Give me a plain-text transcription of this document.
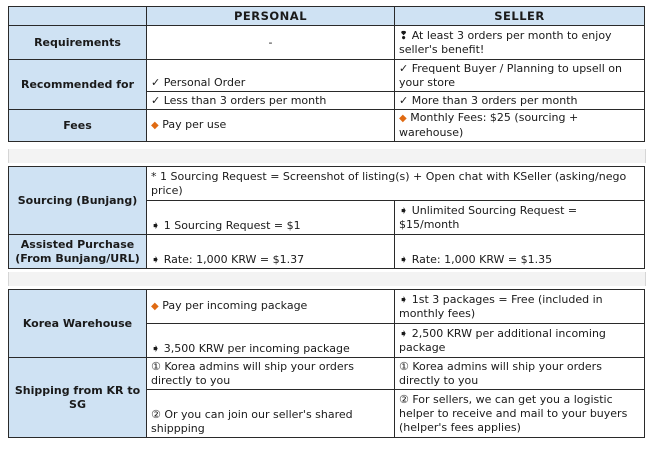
	PERSONAL	SELLER
Requirements	-	❢ At least 3 orders per month to enjoy seller's benefit!
Recommended for	✓ Personal Order	✓ Frequent Buyer / Planning to upsell on your store
	✓ Less than 3 orders per month	✓ More than 3 orders per month
Fees	◆ Pay per use	◆ Monthly Fees: $25 (sourcing + warehouse)
Sourcing (Bunjang)	* 1 Sourcing Request = Screenshot of listing(s) + Open chat with KSeller (asking/nego price)	
	➧ 1 Sourcing Request = $1	➧ Unlimited Sourcing Request = $15/month
Assisted Purchase (From Bunjang/URL)	➧ Rate: 1,000 KRW = $1.37	➧ Rate: 1,000 KRW = $1.35
Korea Warehouse	◆ Pay per incoming package	➧ 1st 3 packages = Free (included in monthly fees)
	➧ 3,500 KRW per incoming package	➧ 2,500 KRW per additional incoming package
Shipping from KR to SG	① Korea admins will ship your orders directly to you	① Korea admins will ship your orders directly to you
	② Or you can join our seller's shared shippping	② For sellers, we can get you a logistic helper to receive and mail to your buyers (helper's fees applies)
